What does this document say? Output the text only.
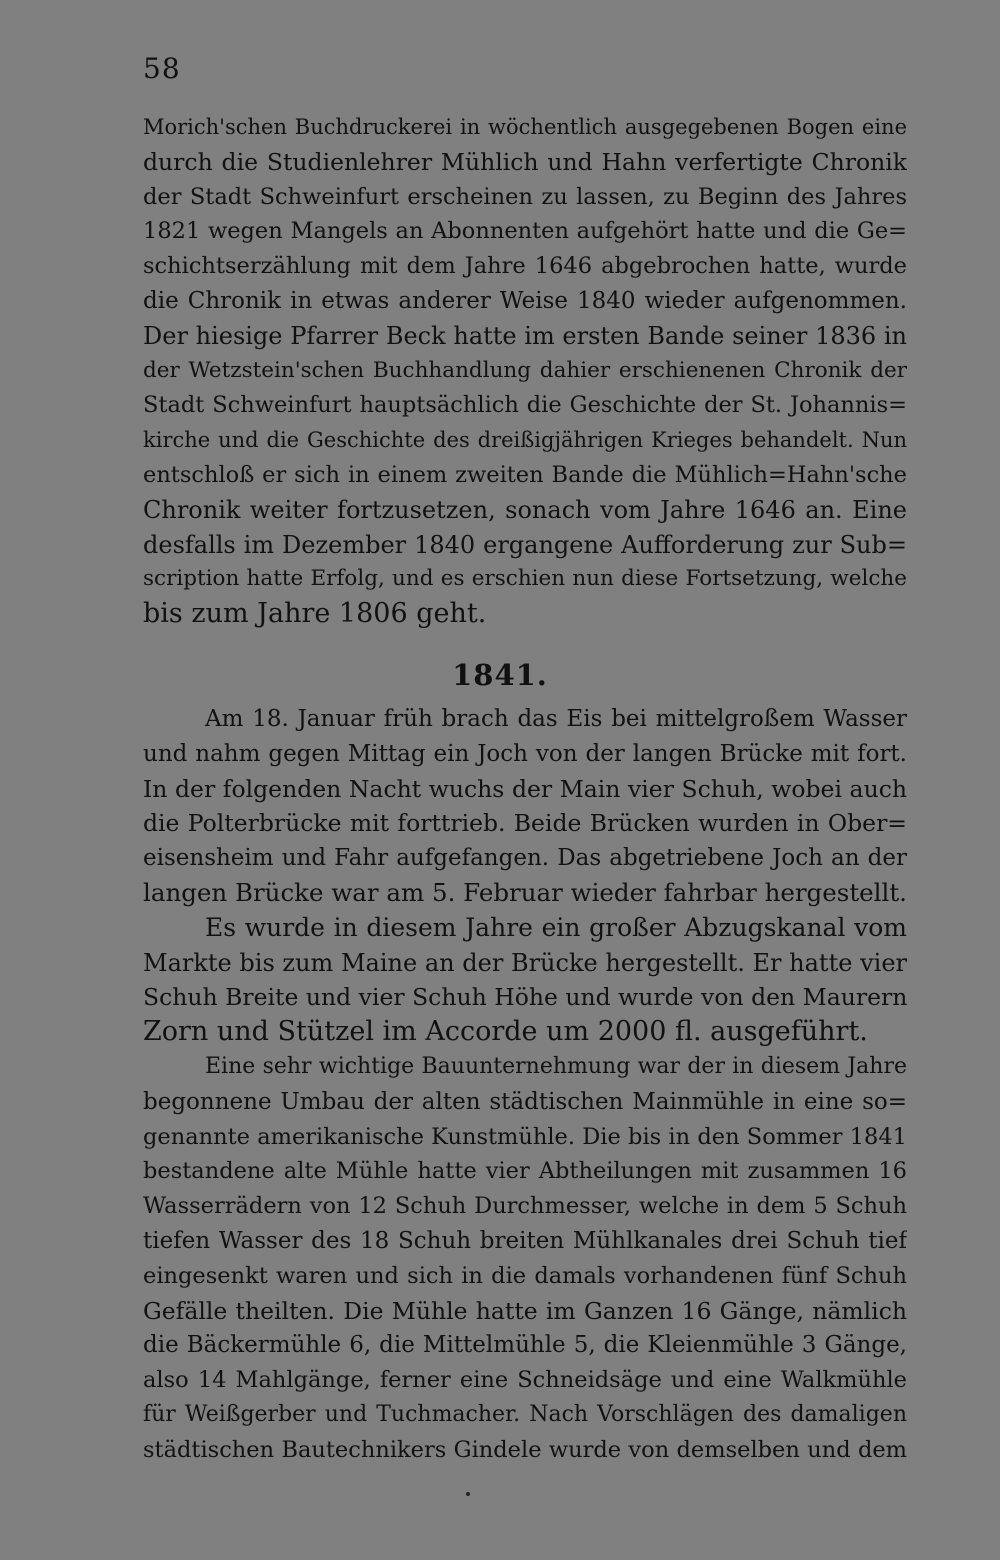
58
Morich'schen Buchdruckerei in wöchentlich ausgegebenen Bogen eine
durch die Studienlehrer Mühlich und Hahn verfertigte Chronik
der Stadt Schweinfurt erscheinen zu lassen, zu Beginn des Jahres
1821 wegen Mangels an Abonnenten aufgehört hatte und die Ge=
schichtserzählung mit dem Jahre 1646 abgebrochen hatte, wurde
die Chronik in etwas anderer Weise 1840 wieder aufgenommen.
Der hiesige Pfarrer Beck hatte im ersten Bande seiner 1836 in
der Wetzstein'schen Buchhandlung dahier erschienenen Chronik der
Stadt Schweinfurt hauptsächlich die Geschichte der St. Johannis=
kirche und die Geschichte des dreißigjährigen Krieges behandelt. Nun
entschloß er sich in einem zweiten Bande die Mühlich=Hahn'sche
Chronik weiter fortzusetzen, sonach vom Jahre 1646 an. Eine
desfalls im Dezember 1840 ergangene Aufforderung zur Sub=
scription hatte Erfolg, und es erschien nun diese Fortsetzung, welche
bis zum Jahre 1806 geht.
1841.
Am 18. Januar früh brach das Eis bei mittelgroßem Wasser
und nahm gegen Mittag ein Joch von der langen Brücke mit fort.
In der folgenden Nacht wuchs der Main vier Schuh, wobei auch
die Polterbrücke mit forttrieb. Beide Brücken wurden in Ober=
eisensheim und Fahr aufgefangen. Das abgetriebene Joch an der
langen Brücke war am 5. Februar wieder fahrbar hergestellt.
Es wurde in diesem Jahre ein großer Abzugskanal vom
Markte bis zum Maine an der Brücke hergestellt. Er hatte vier
Schuh Breite und vier Schuh Höhe und wurde von den Maurern
Zorn und Stützel im Accorde um 2000 fl. ausgeführt.
Eine sehr wichtige Bauunternehmung war der in diesem Jahre
begonnene Umbau der alten städtischen Mainmühle in eine so=
genannte amerikanische Kunstmühle. Die bis in den Sommer 1841
bestandene alte Mühle hatte vier Abtheilungen mit zusammen 16
Wasserrädern von 12 Schuh Durchmesser, welche in dem 5 Schuh
tiefen Wasser des 18 Schuh breiten Mühlkanales drei Schuh tief
eingesenkt waren und sich in die damals vorhandenen fünf Schuh
Gefälle theilten. Die Mühle hatte im Ganzen 16 Gänge, nämlich
die Bäckermühle 6, die Mittelmühle 5, die Kleienmühle 3 Gänge,
also 14 Mahlgänge, ferner eine Schneidsäge und eine Walkmühle
für Weißgerber und Tuchmacher. Nach Vorschlägen des damaligen
städtischen Bautechnikers Gindele wurde von demselben und dem
